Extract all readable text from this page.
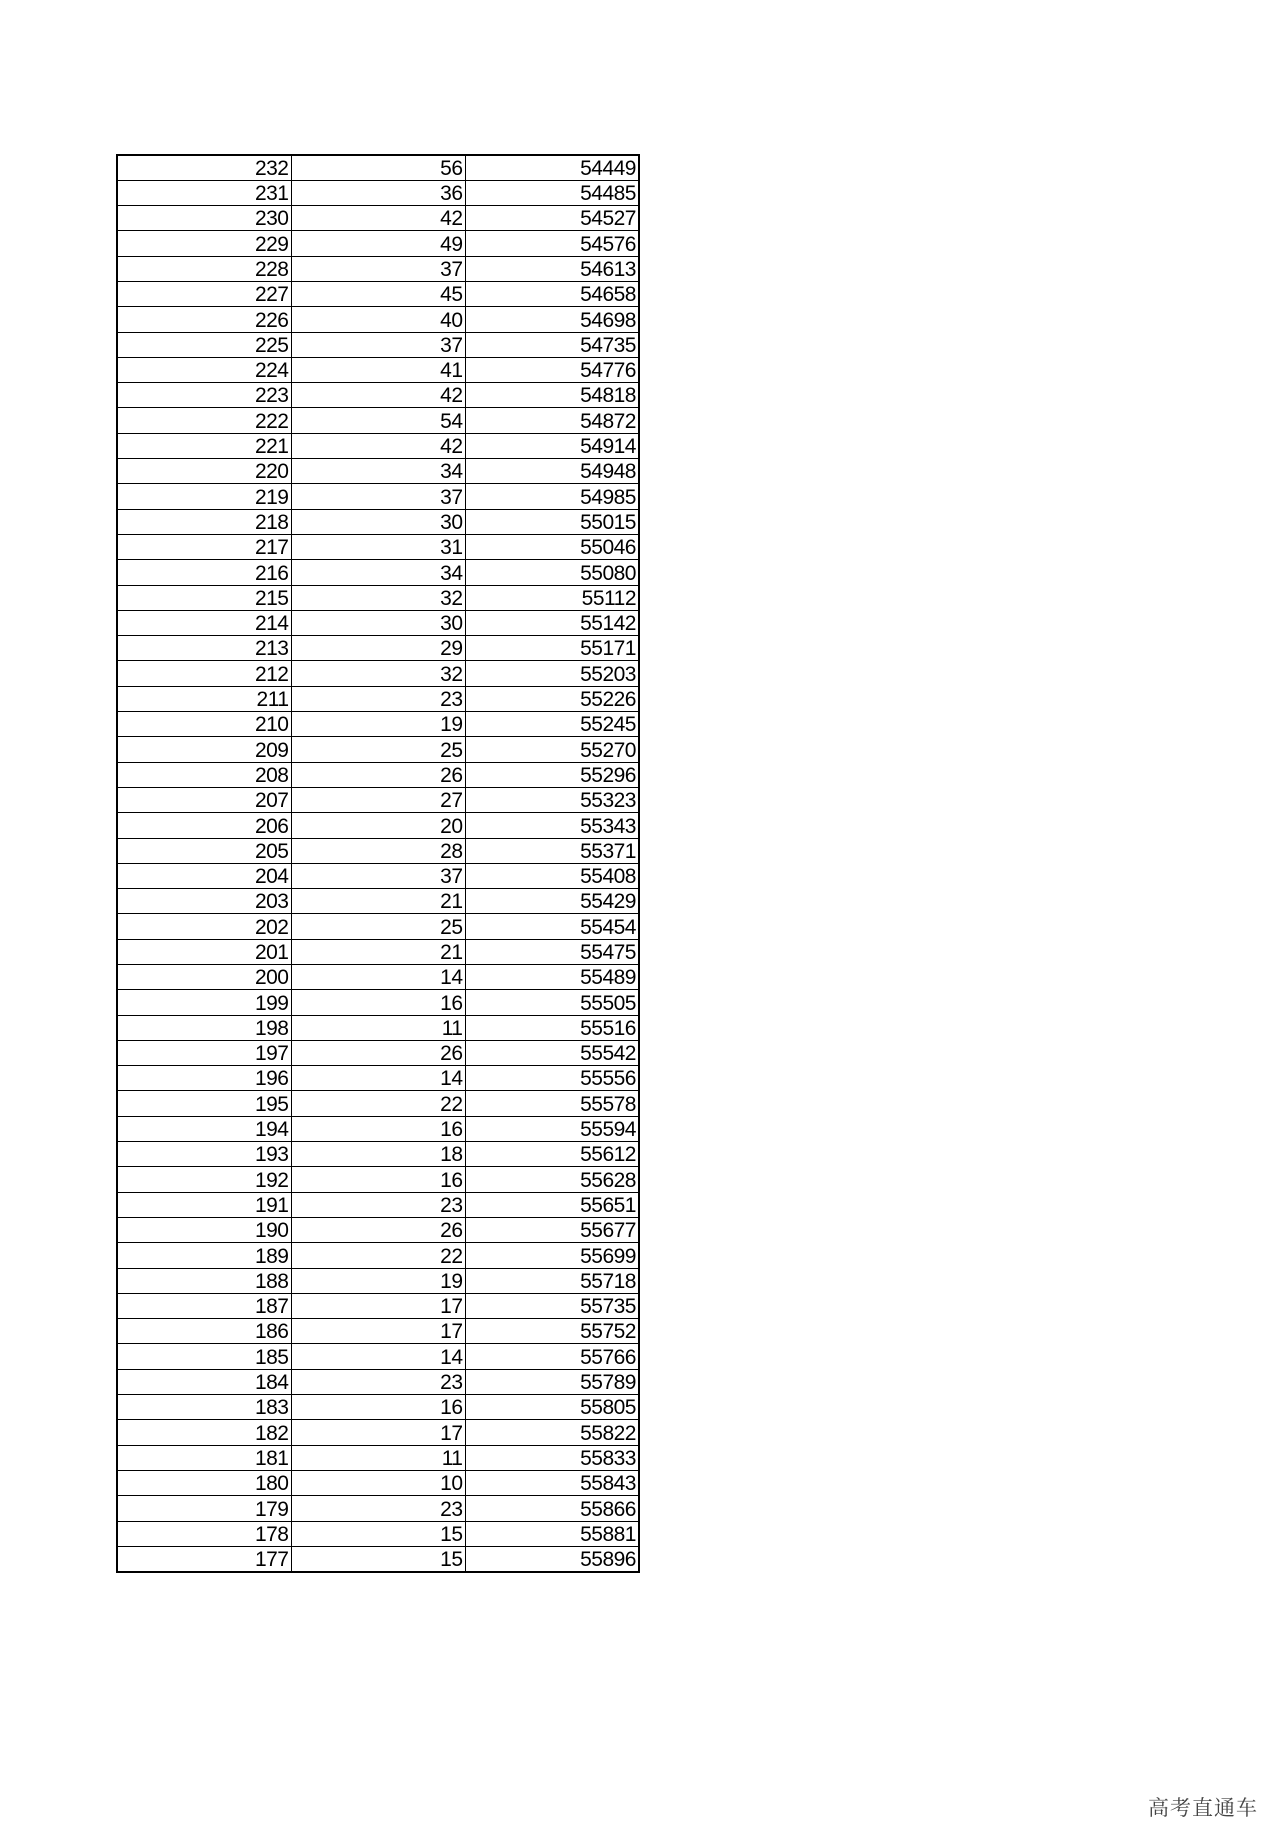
232	56	54449
231	36	54485
230	42	54527
229	49	54576
228	37	54613
227	45	54658
226	40	54698
225	37	54735
224	41	54776
223	42	54818
222	54	54872
221	42	54914
220	34	54948
219	37	54985
218	30	55015
217	31	55046
216	34	55080
215	32	55112
214	30	55142
213	29	55171
212	32	55203
211	23	55226
210	19	55245
209	25	55270
208	26	55296
207	27	55323
206	20	55343
205	28	55371
204	37	55408
203	21	55429
202	25	55454
201	21	55475
200	14	55489
199	16	55505
198	11	55516
197	26	55542
196	14	55556
195	22	55578
194	16	55594
193	18	55612
192	16	55628
191	23	55651
190	26	55677
189	22	55699
188	19	55718
187	17	55735
186	17	55752
185	14	55766
184	23	55789
183	16	55805
182	17	55822
181	11	55833
180	10	55843
179	23	55866
178	15	55881
177	15	55896
高考直通车
